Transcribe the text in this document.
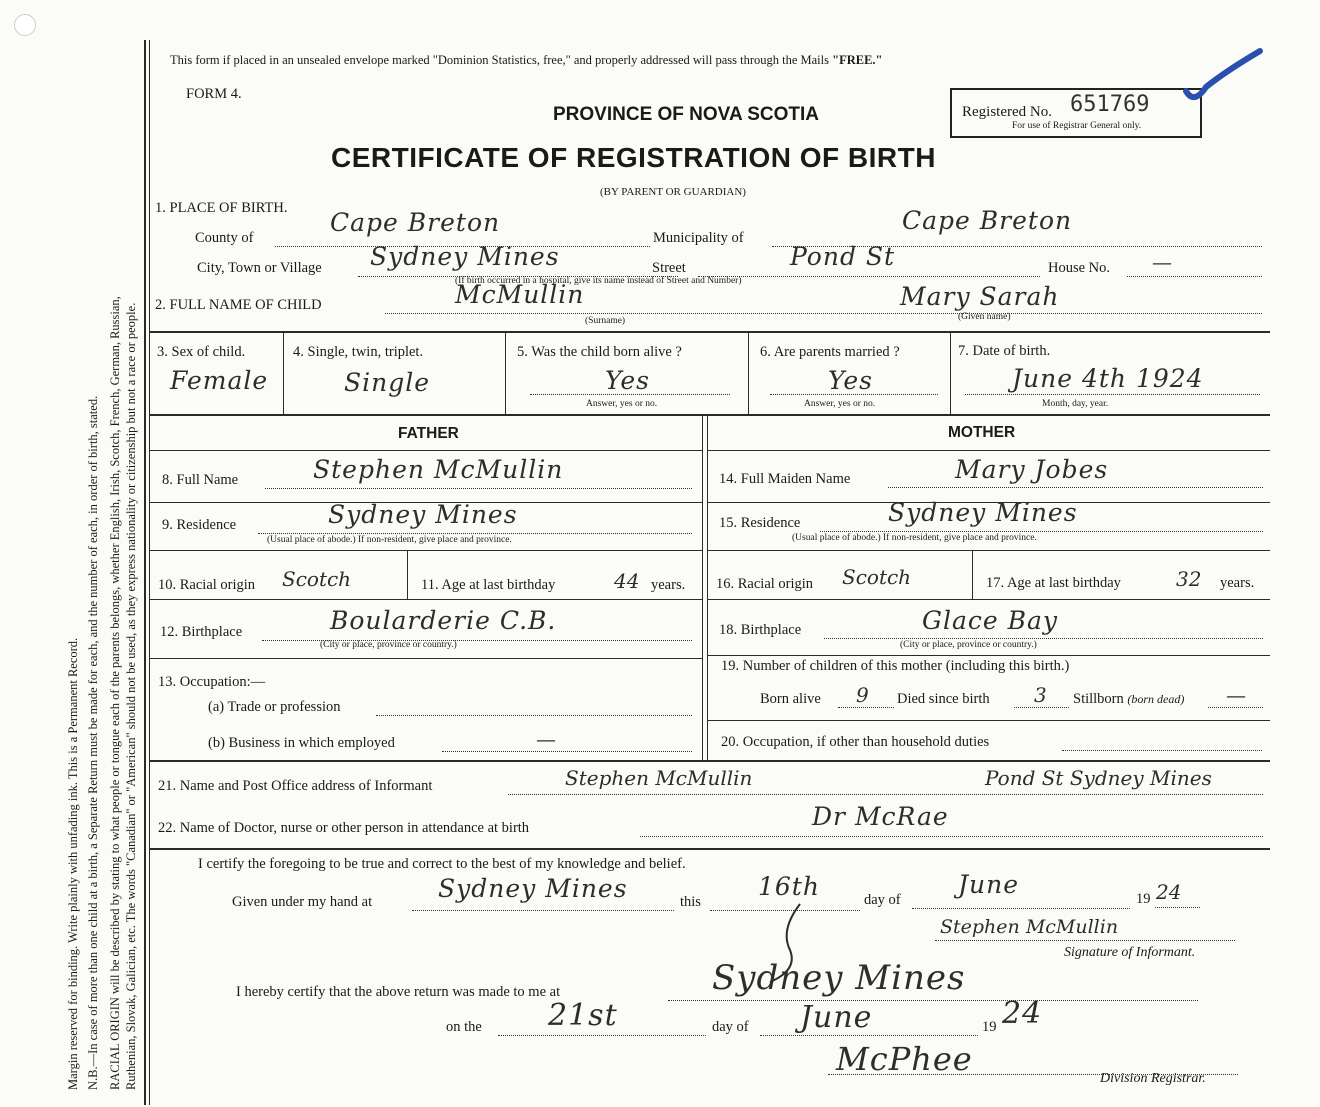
Margin reserved for binding. Write plainly with unfading ink. This is a Permanent Record. N.B.—In case of more than one child at a birth, a Separate Return must be made for each, and the number of each, in order of birth, stated. RACIAL ORIGIN will be described by stating to what people or tongue each of the parents belongs, whether English, Irish, Scotch, French, German, Russian, Ruthenian, Slovak, Galician, etc. The words "Canadian" or "American" should not be used, as they express nationality or citizenship but not a race or people.
This form if placed in an unsealed envelope marked "Dominion Statistics, free," and properly addressed will pass through the Mails "FREE."
FORM 4.
PROVINCE OF NOVA SCOTIA
CERTIFICATE OF REGISTRATION OF BIRTH
(BY PARENT OR GUARDIAN)
Registered No. 651769
For use of Registrar General only.
1. PLACE OF BIRTH.
County of
Cape Breton
Municipality of
Cape Breton
City, Town or Village Sydney Mines	Street	Pond St	House No. —
(If birth occurred in a hospital, give its name instead of Street and Number)
2. FULL NAME OF CHILD	McMullin
(Surname)
Mary Sarah
(Given name)
3. Sex of child.
Female
4. Single, twin, triplet.
Single
5. Was the child born alive ?
Yes
Answer, yes or no.
6. Are parents married ?
Yes
Answer, yes or no.
7. Date of birth.
June 4th 1924
Month, day, year.
FATHER	MOTHER
8. Full Name	Stephen McMullin	14. Full Maiden Name	Mary Jobes
9. Residence	Sydney Mines
(Usual place of abode.) If non-resident, give place and province.
15. Residence	Sydney Mines
(Usual place of abode.) If non-resident, give place and province.
10. Racial origin Scotch	11. Age at last birthday	44 years. 16. Racial origin Scotch	17. Age at last birthday	32 years.
12. Birthplace	Boularderie C.B.
(City or place, province or country.)
18. Birthplace	Glace Bay
(City or place, province or country.)
13. Occupation:—
(a) Trade or profession
(b) Business in which employed	—
19. Number of children of this mother (including this birth.)
Born alive 9 Died since birth 3 Stillborn (born dead) —
20. Occupation, if other than household duties
21. Name and Post Office address of Informant	Stephen McMullin	Pond St Sydney Mines
22. Name of Doctor, nurse or other person in attendance at birth	Dr McRae
I certify the foregoing to be true and correct to the best of my knowledge and belief.
Given under my hand at	Sydney Mines	this
16th	day of
June	19 24
Stephen McMullin
Signature of Informant.
I hereby certify that the above return was made to me at	Sydney Mines
on the 21st	day of June	19 24
McPhee
Division Registrar.
